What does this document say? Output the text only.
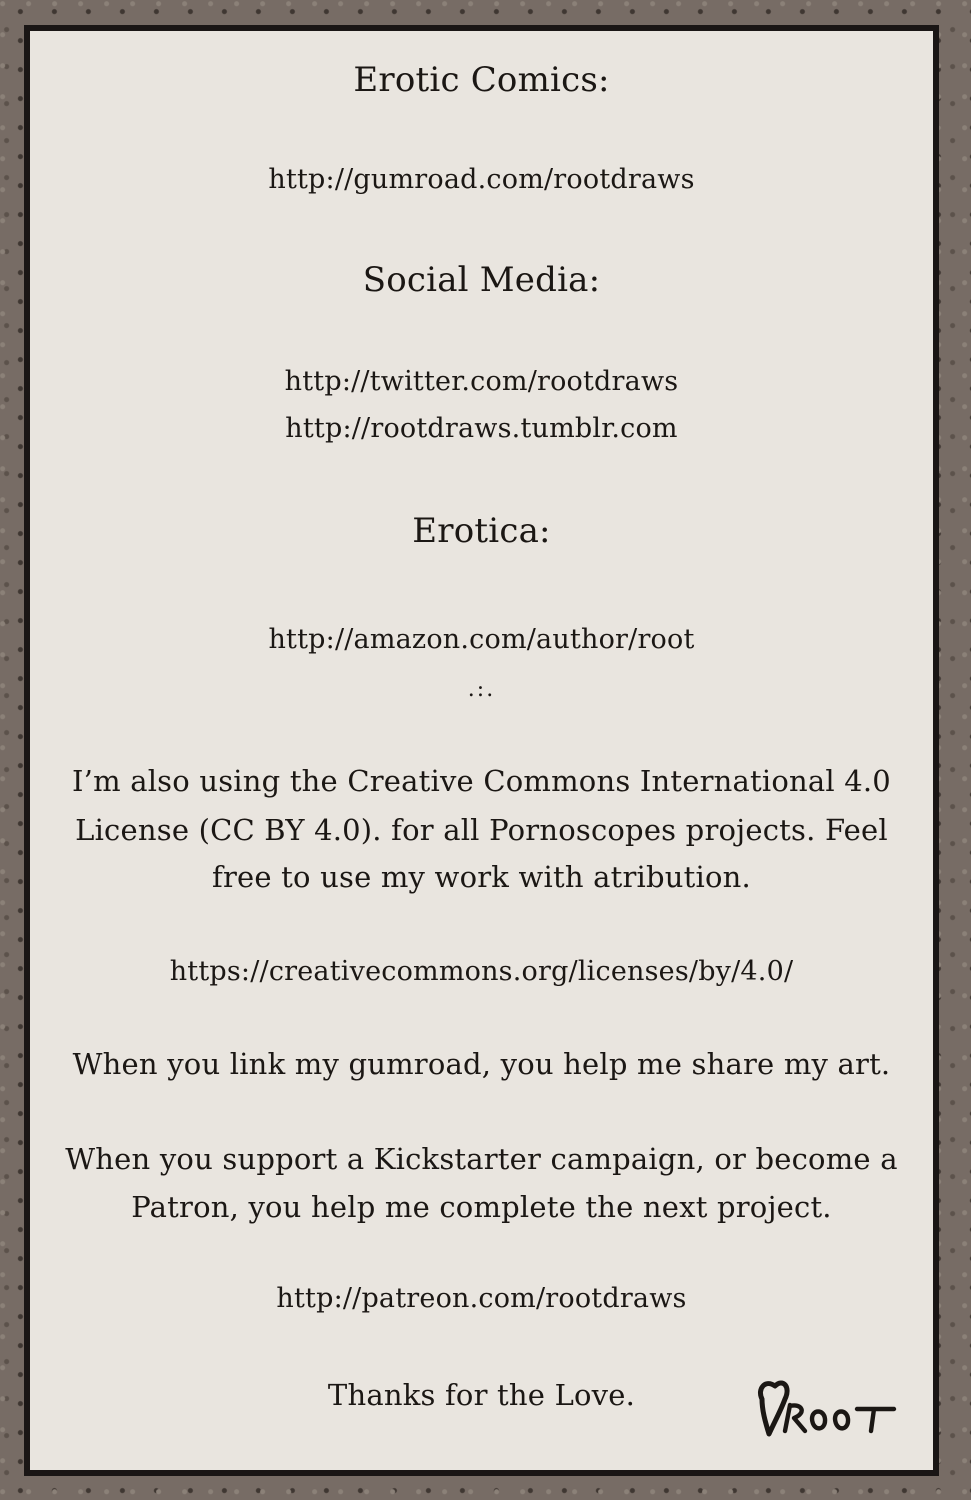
Erotic Comics:
http://gumroad.com/rootdraws
Social Media:
http://twitter.com/rootdraws
http://rootdraws.tumblr.com
Erotica:
http://amazon.com/author/root
.:.
I’m also using the Creative Commons International 4.0
License (CC BY 4.0). for all Pornoscopes projects. Feel
free to use my work with atribution.
https://creativecommons.org/licenses/by/4.0/
When you link my gumroad, you help me share my art.
When you support a Kickstarter campaign, or become a
Patron, you help me complete the next project.
http://patreon.com/rootdraws
Thanks for the Love.
